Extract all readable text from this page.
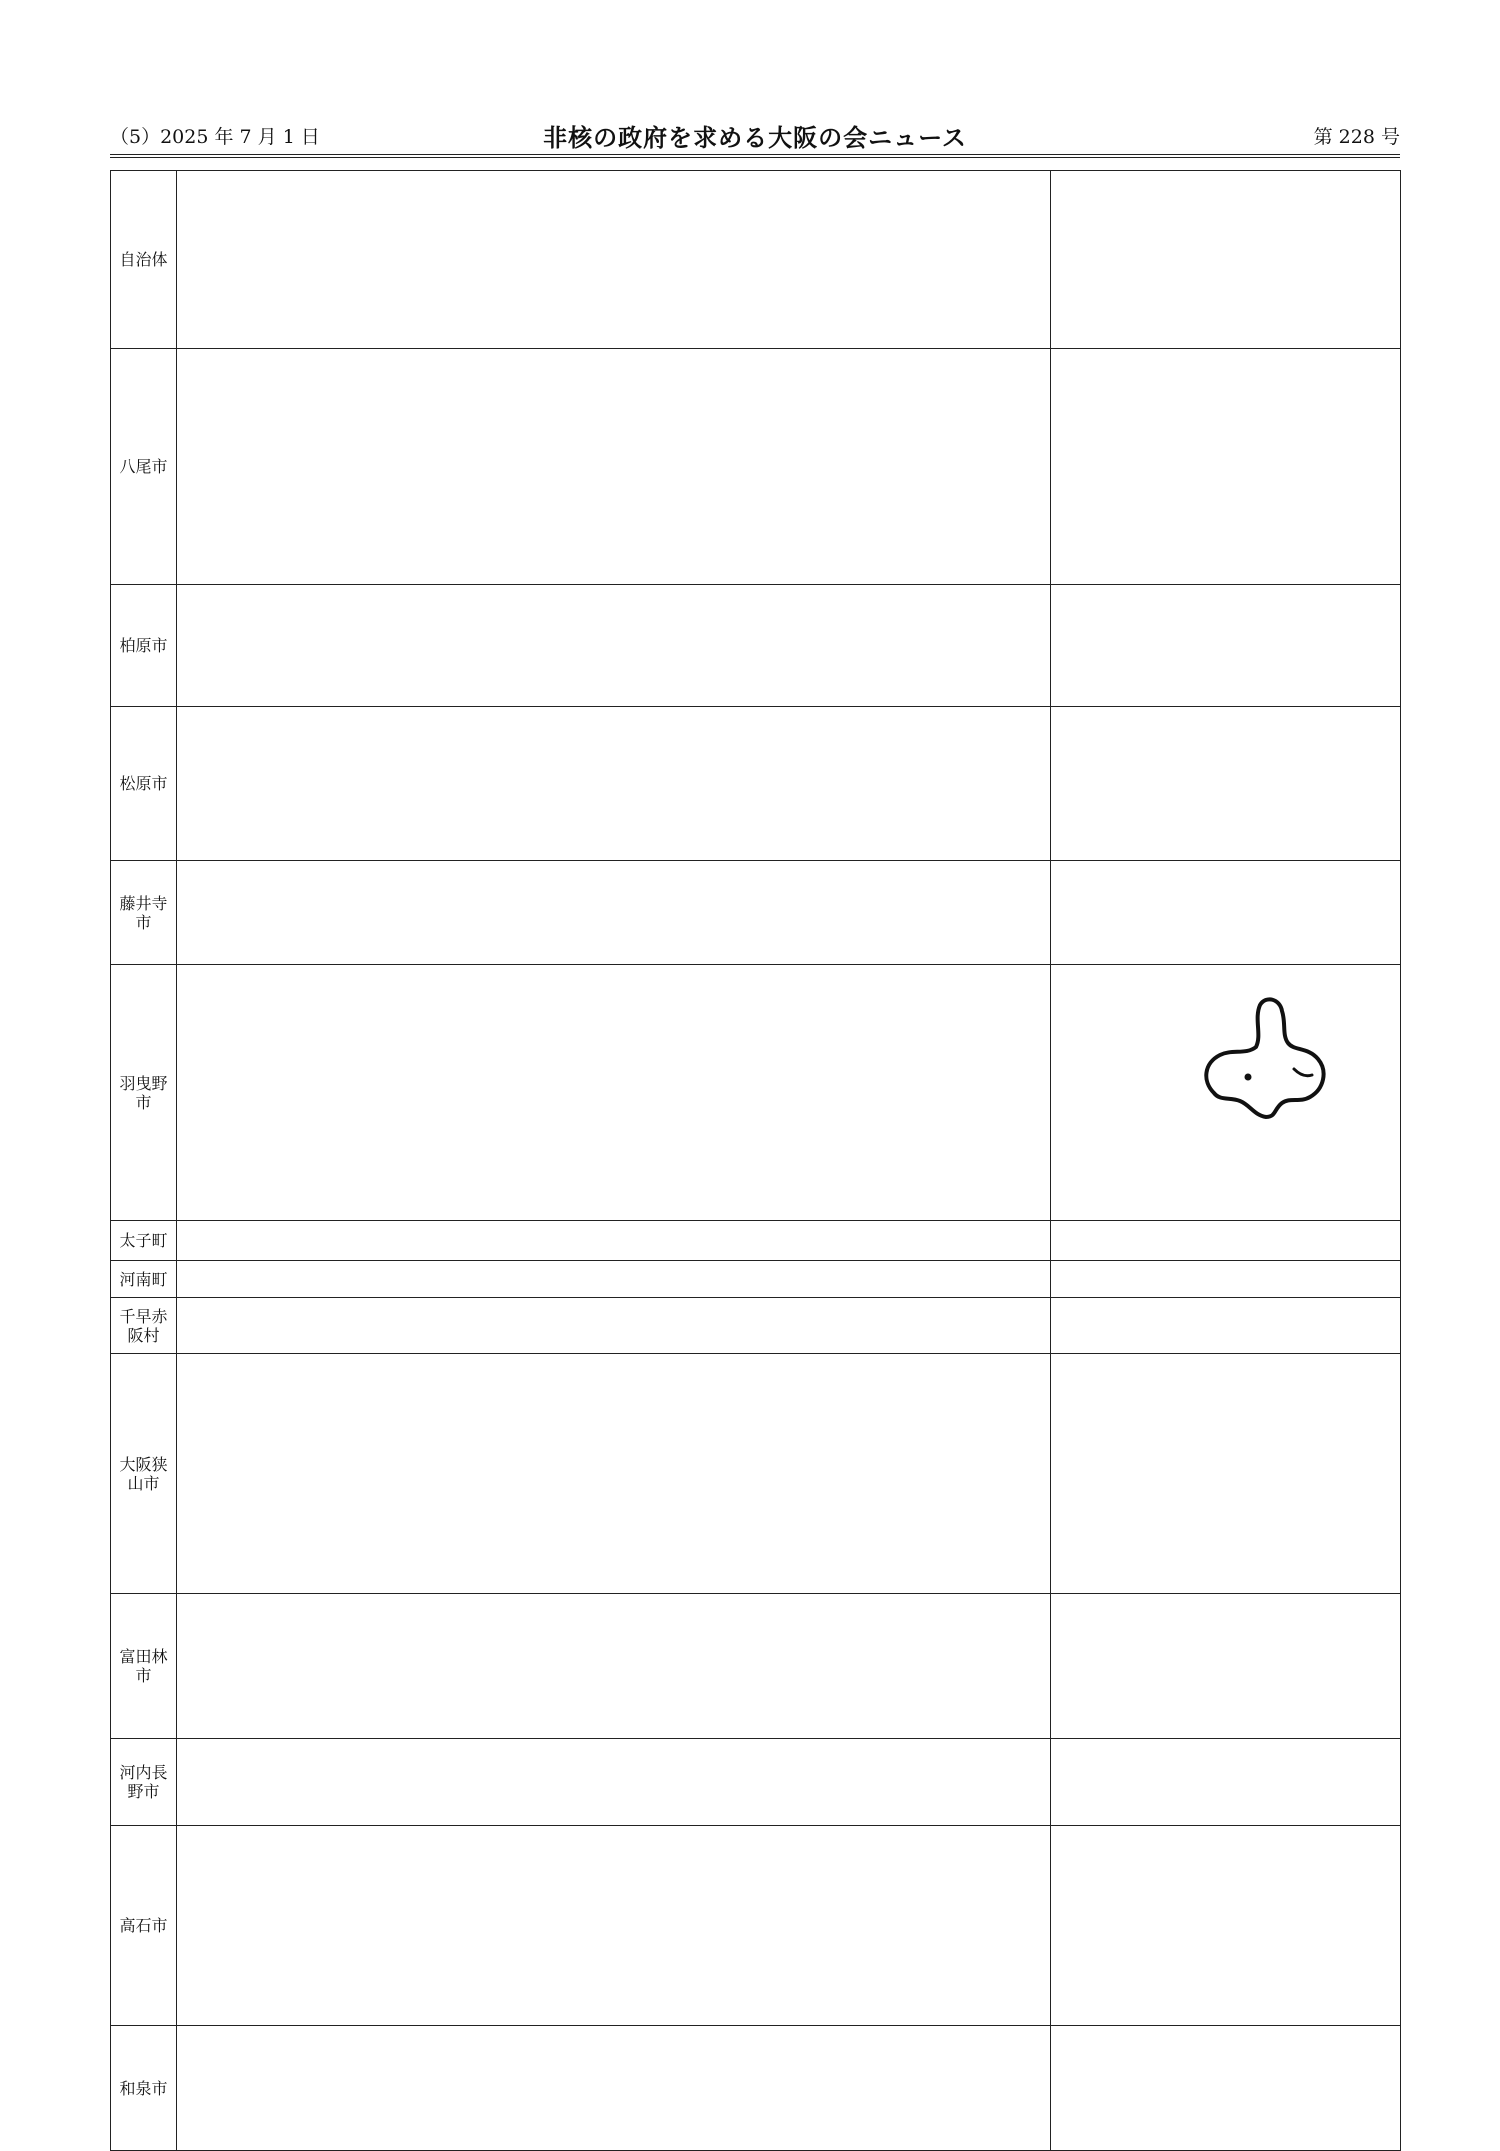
（5）2025 年 7 月 1 日	非核の政府を求める大阪の会ニュース	第 228 号
自治体		
八尾市		
柏原市		
松原市		
藤井寺市		
羽曳野市		
太子町		
河南町		
千早赤阪村		
大阪狭山市		
富田林市		
河内長野市		
高石市		
和泉市		
